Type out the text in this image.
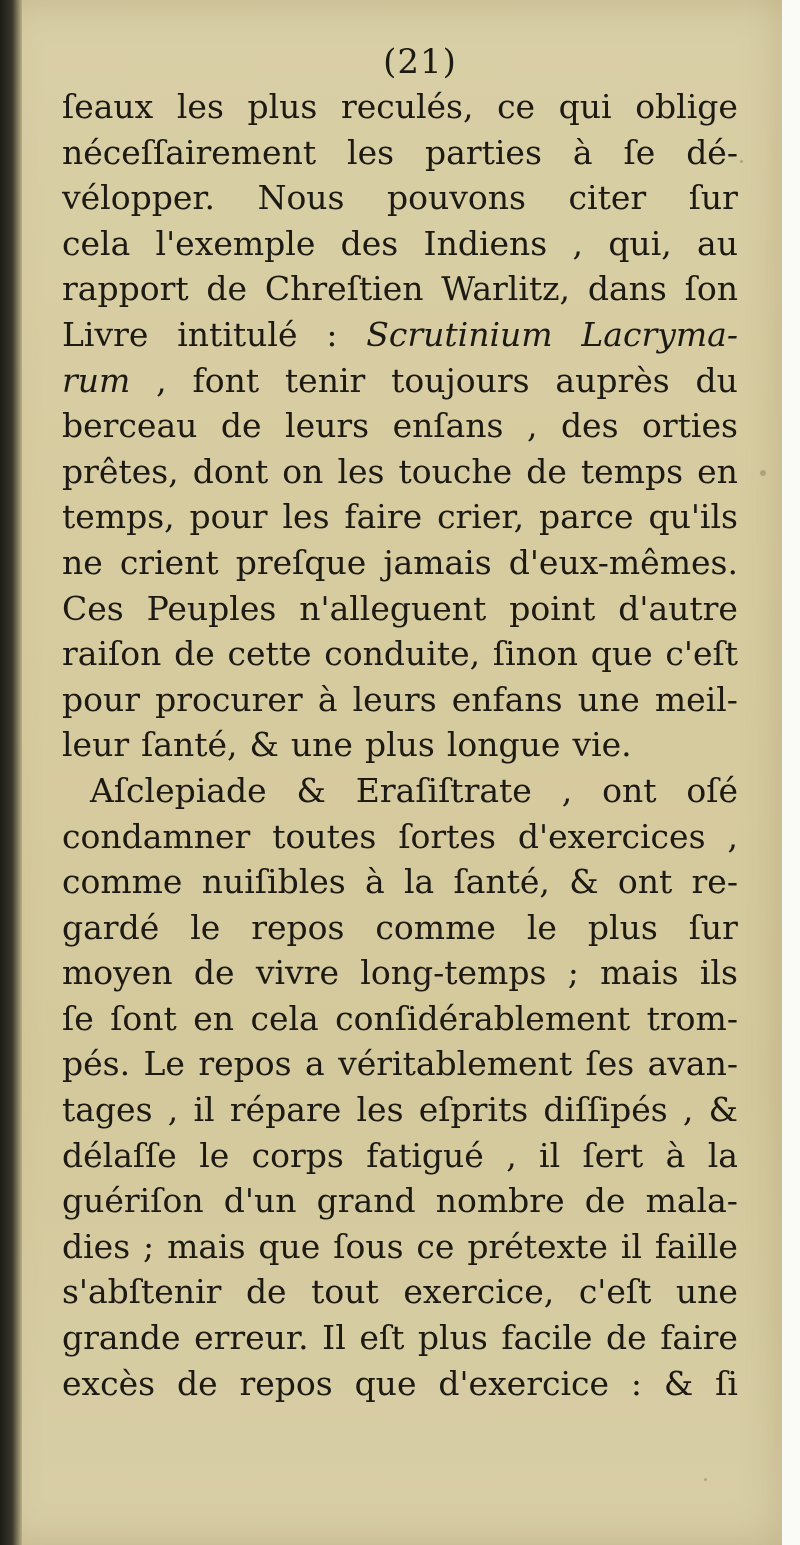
(21)
ſeaux les plus reculés, ce qui oblige
néceſſairement les parties à ſe dé-
vélopper. Nous pouvons citer ſur
cela l'exemple des Indiens , qui, au
rapport de Chreſtien Warlitz, dans ſon
Livre intitulé : Scrutinium Lacryma-
rum , font tenir toujours auprès du
berceau de leurs enſans , des orties
prêtes, dont on les touche de temps en
temps, pour les faire crier, parce qu'ils
ne crient preſque jamais d'eux-mêmes.
Ces Peuples n'alleguent point d'autre
raiſon de cette conduite, ſinon que c'eſt
pour procurer à leurs enfans une meil-
leur ſanté, & une plus longue vie.
Aſclepiade & Eraſiſtrate , ont oſé
condamner toutes ſortes d'exercices ,
comme nuiſibles à la ſanté, & ont re-
gardé le repos comme le plus ſur
moyen de vivre long-temps ; mais ils
ſe ſont en cela conſidérablement trom-
pés. Le repos a véritablement ſes avan-
tages , il répare les eſprits diſſipés , &
délaſſe le corps fatigué , il ſert à la
guériſon d'un grand nombre de mala-
dies ; mais que ſous ce prétexte il faille
s'abſtenir de tout exercice, c'eſt une
grande erreur. Il eſt plus facile de faire
excès de repos que d'exercice : & ſi
